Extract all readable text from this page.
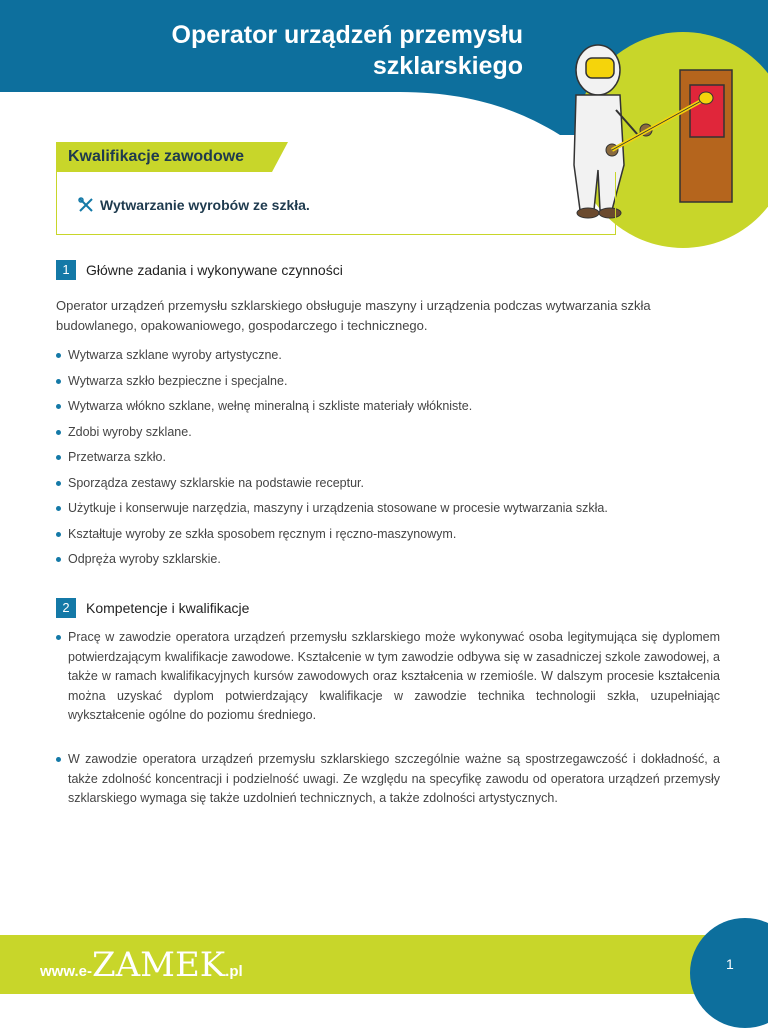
Operator urządzeń przemysłu
szklarskiego
Kwalifikacje zawodowe
Wytwarzanie wyrobów ze szkła.
1	Główne zadania i wykonywane czynności
Operator urządzeń przemysłu szklarskiego obsługuje maszyny i urządzenia podczas wytwarzania szkła budowlanego, opakowaniowego, gospodarczego i technicznego.
Wytwarza szklane wyroby artystyczne.
Wytwarza szkło bezpieczne i specjalne.
Wytwarza włókno szklane, wełnę mineralną i szkliste materiały włókniste.
Zdobi wyroby szklane.
Przetwarza szkło.
Sporządza zestawy szklarskie na podstawie receptur.
Użytkuje i konserwuje narzędzia, maszyny i urządzenia stosowane w procesie wytwarzania szkła.
Kształtuje wyroby ze szkła sposobem ręcznym i ręczno-maszynowym.
Odpręża wyroby szklarskie.
2	Kompetencje i kwalifikacje
Pracę w zawodzie operatora urządzeń przemysłu szklarskiego może wykonywać osoba legitymująca się dyplomem potwierdzającym kwalifikacje zawodowe. Kształcenie w tym zawodzie odbywa się w zasadniczej szkole zawodowej, a także w ramach kwalifikacyjnych kursów zawodowych oraz kształcenia w rzemiośle. W dalszym procesie kształcenia można uzyskać dyplom potwierdzający kwalifikacje w zawodzie technika technologii szkła, uzupełniając wykształcenie ogólne do poziomu średniego.
W zawodzie operatora urządzeń przemysłu szklarskiego szczególnie ważne są spostrzegawczość i dokładność, a także zdolność koncentracji i podzielność uwagi. Ze względu na specyfikę zawodu od operatora urządzeń przemysły szklarskiego wymaga się także uzdolnień technicznych, a także zdolności artystycznych.
1
www.e- ZAMEK .pl
